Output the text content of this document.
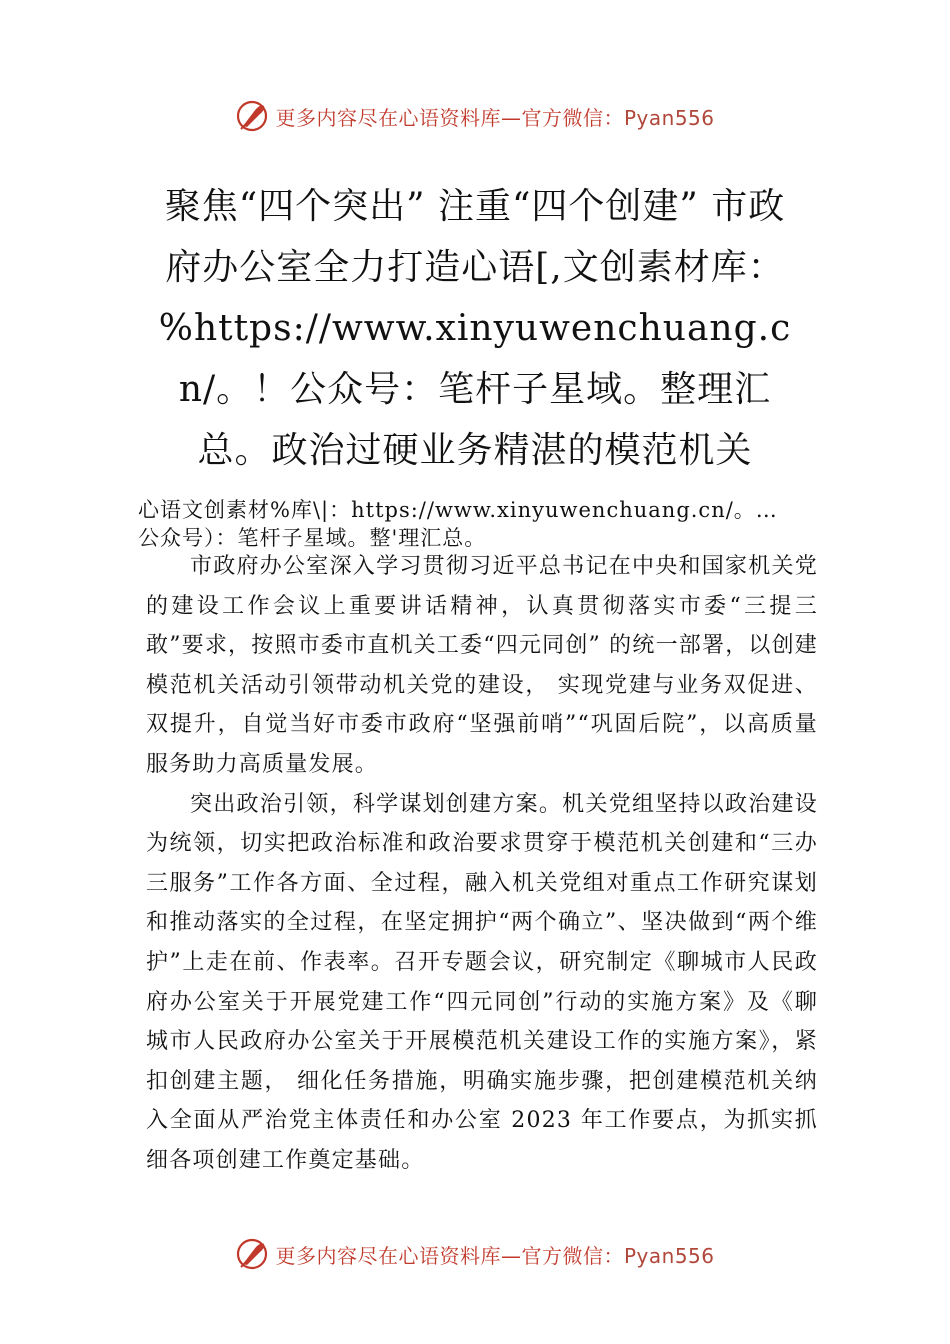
更多内容尽在心语资料库—官方微信：Pyan556
聚焦“四个突出” 注重“四个创建” 市政府办公室全力打造心语[,文创素材库：%https://www.xinyuwenchuang.cn/。！公众号：笔杆子星域。整理汇总。政治过硬业务精湛的模范机关
心语文创素材%库\|：https://www.xinyuwenchuang.cn/。…
公众号）：笔杆子星域。整'理汇总。

市政府办公室深入学习贯彻习近平总书记在中央和国家机关党的建设工作会议上重要讲话精神，认真贯彻落实市委“三提三敢”要求，按照市委市直机关工委“四元同创” 的统一部署，以创建模范机关活动引领带动机关党的建设， 实现党建与业务双促进、双提升，自觉当好市委市政府“坚强前哨”“巩固后院”，以高质量服务助力高质量发展。

突出政治引领，科学谋划创建方案。机关党组坚持以政治建设为统领，切实把政治标准和政治要求贯穿于模范机关创建和“三办三服务”工作各方面、全过程，融入机关党组对重点工作研究谋划和推动落实的全过程，在坚定拥护“两个确立”、坚决做到“两个维护”上走在前、作表率。召开专题会议，研究制定《聊城市人民政府办公室关于开展党建工作“四元同创”行动的实施方案》及《聊城市人民政府办公室关于开展模范机关建设工作的实施方案》，紧扣创建主题， 细化任务措施，明确实施步骤，把创建模范机关纳入全面从严治党主体责任和办公室 2023 年工作要点，为抓实抓细各项创建工作奠定基础。

更多内容尽在心语资料库—官方微信：Pyan556
